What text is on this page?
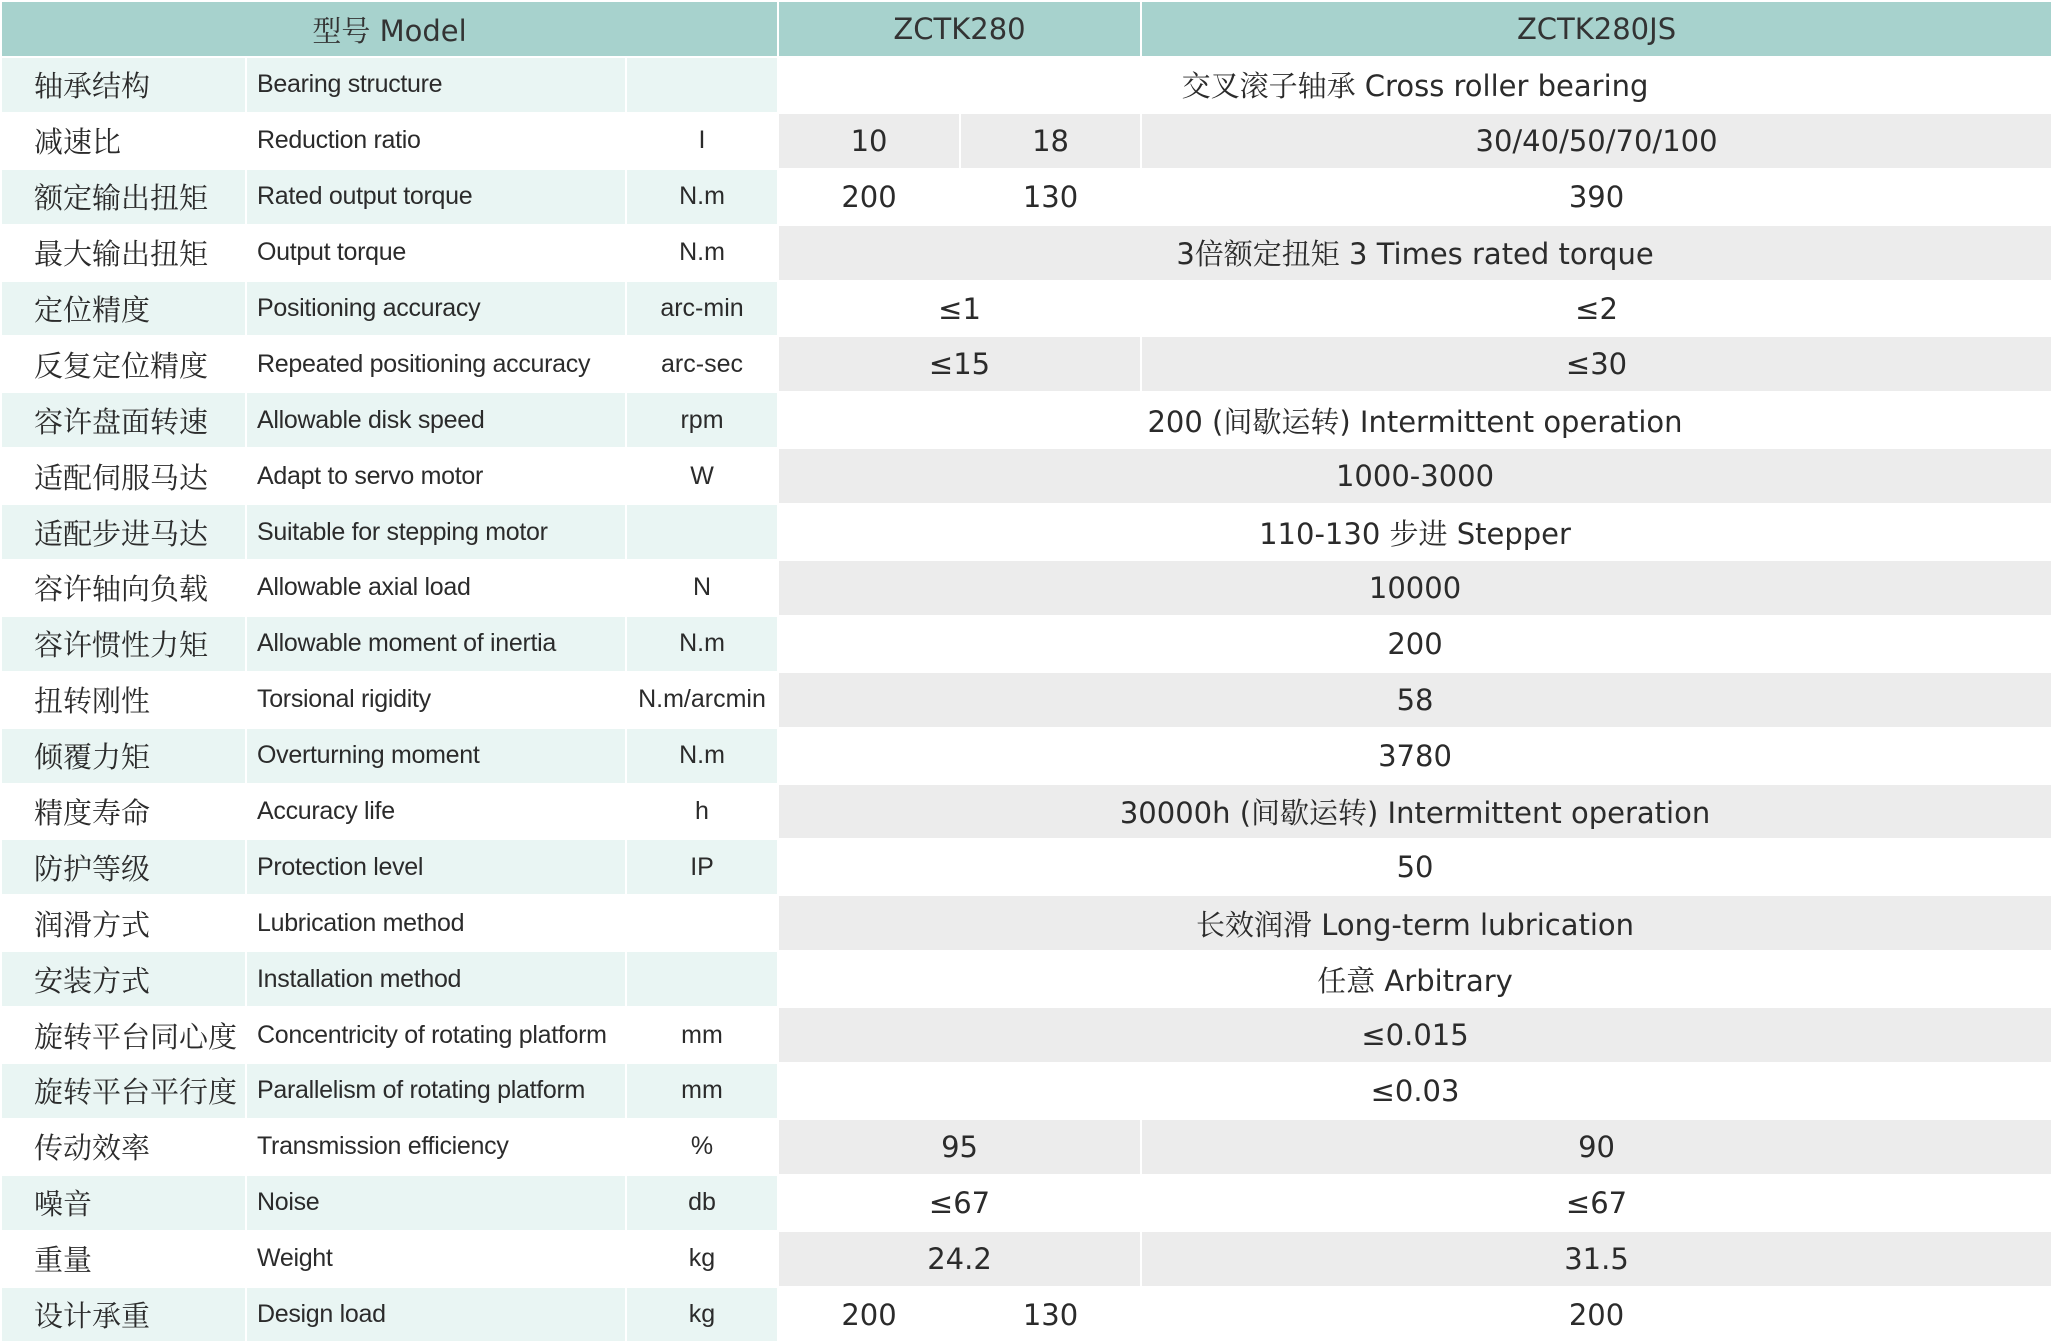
型号 Model			ZCTK280		ZCTK280JS
轴承结构	Bearing structure		交叉滚子轴承 Cross roller bearing		
减速比	Reduction ratio	I	10	18	30/40/50/70/100
额定输出扭矩	Rated output torque	N.m	200	130	390
最大输出扭矩	Output torque	N.m	3倍额定扭矩 3 Times rated torque		
定位精度	Positioning accuracy	arc-min	≤1		≤2
反复定位精度	Repeated positioning accuracy	arc-sec	≤15		≤30
容许盘面转速	Allowable disk speed	rpm	200 (间歇运转) Intermittent operation		
适配伺服马达	Adapt to servo motor	W	1000-3000		
适配步进马达	Suitable for stepping motor		110-130 步进 Stepper		
容许轴向负载	Allowable axial load	N	10000		
容许惯性力矩	Allowable moment of inertia	N.m	200		
扭转刚性	Torsional rigidity	N.m/arcmin	58		
倾覆力矩	Overturning moment	N.m	3780		
精度寿命	Accuracy life	h	30000h (间歇运转) Intermittent operation		
防护等级	Protection level	IP	50		
润滑方式	Lubrication method		长效润滑 Long-term lubrication		
安装方式	Installation method		任意 Arbitrary		
旋转平台同心度	Concentricity of rotating platform	mm	≤0.015		
旋转平台平行度	Parallelism of rotating platform	mm	≤0.03		
传动效率	Transmission efficiency	%	95		90
噪音	Noise	db	≤67		≤67
重量	Weight	kg	24.2		31.5
设计承重	Design load	kg	200	130	200
